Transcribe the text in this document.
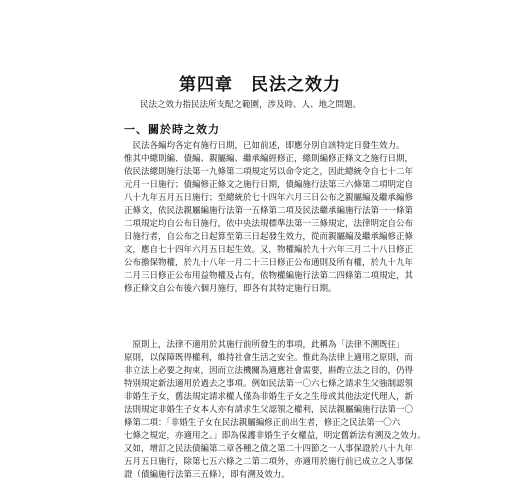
第四章　民法之效力
民法之效力指民法所支配之範圍，涉及時、人、地之問題。
一、關於時之效力
　民法各編均各定有施行日期，已如前述，即應分別自該特定日發生效力。
惟其中總則編、債編、親屬編、繼承編經修正，總則編修正條文之施行日期，
依民法總則施行法第一九條第二項規定另以命令定之，因此總統令自七十二年
元月一日施行；債編修正條文之施行日期，債編施行法第三六條第二項明定自
八十九年五月五日施行；至總統於七十四年六月三日公布之親屬編及繼承編修
正條文，依民法親屬編施行法第一五條第二項及民法繼承編施行法第一一條第
二項規定均自公布日施行，依中央法規標準法第一三條規定，法律明定自公布
日施行者，自公布之日起算至第三日起發生效力，從而親屬編及繼承編修正條
文，應自七十四年六月五日起生效。又，物權編於九十六年三月二十八日修正
公布擔保物權，於九十八年一月二十三日修正公布通則及所有權，於九十九年
二月三日修正公布用益物權及占有，依物權編施行法第二四條第二項規定，其
修正條文自公布後六個月施行，即各有其特定施行日期。
　原則上，法律不適用於其施行前所發生的事項，此稱為「法律不溯既往」
原則，以保障既得權利，維持社會生活之安全。惟此為法律上適用之原則，而
非立法上必要之拘束，因而立法機關為適應社會需要，斟酌立法之目的，仍得
特別規定新法適用於過去之事項。例如民法第一〇六七條之請求生父強制認領
非婚生子女，舊法規定請求權人僅為非婚生子女之生母或其他法定代理人，新
法則規定非婚生子女本人亦有請求生父認領之權利，民法親屬編施行法第一〇
條第二項：「非婚生子女在民法親屬編修正前出生者，修正之民法第一〇六
七條之規定，亦適用之。」即為保護非婚生子女權益，明定舊新法有溯及之效力。
又如，增訂之民法債編第二章各種之債之第二十四節之一人事保證於八十九年
五月五日施行，除第七五六條之二第二項外，亦適用於施行前已成立之人事保
證（債編施行法第三五條），即有溯及效力。
